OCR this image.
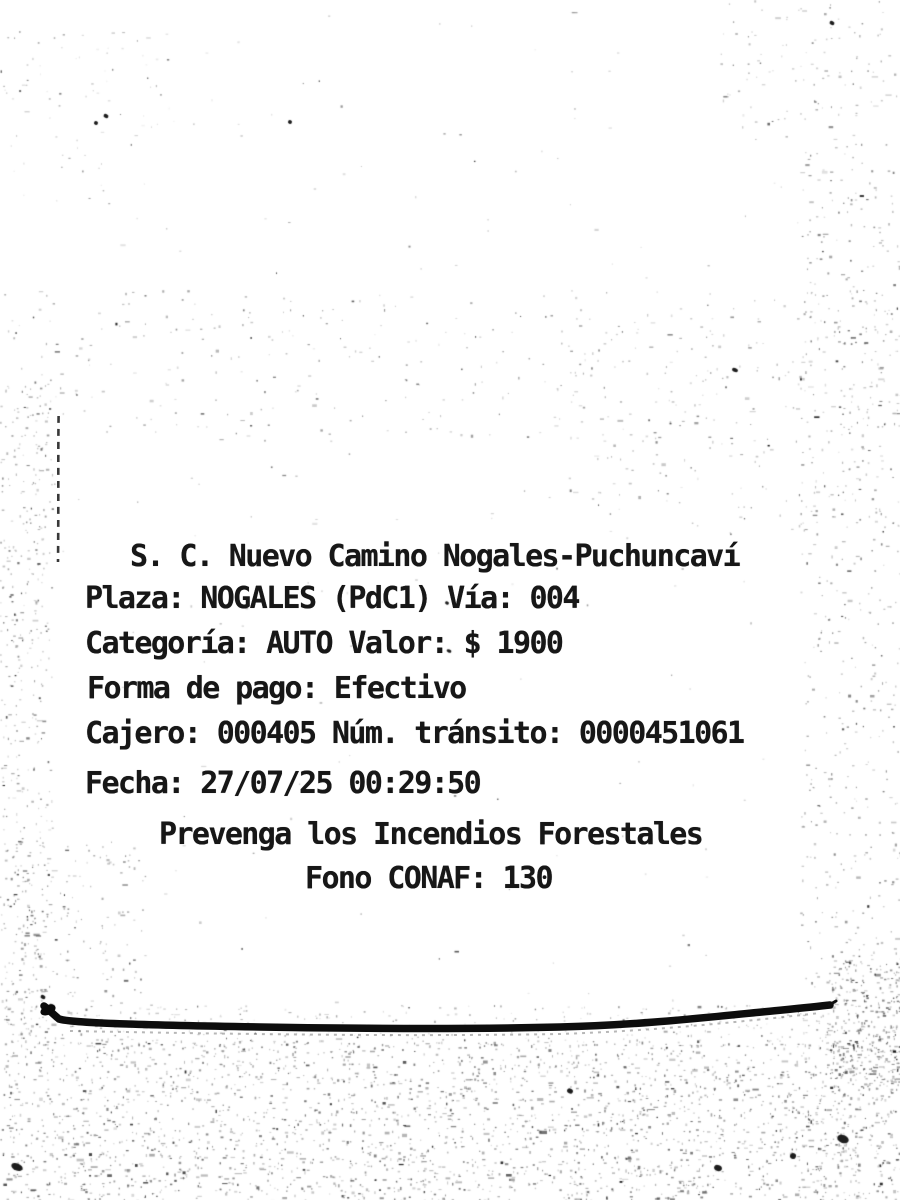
S. C. Nuevo Camino Nogales-Puchuncaví
Plaza: NOGALES (PdC1) Vía: 004
Categoría: AUTO Valor: $ 1900
Forma de pago: Efectivo
Cajero: 000405 Núm. tránsito: 0000451061
Fecha: 27/07/25 00:29:50
Prevenga los Incendios Forestales
Fono CONAF: 130
